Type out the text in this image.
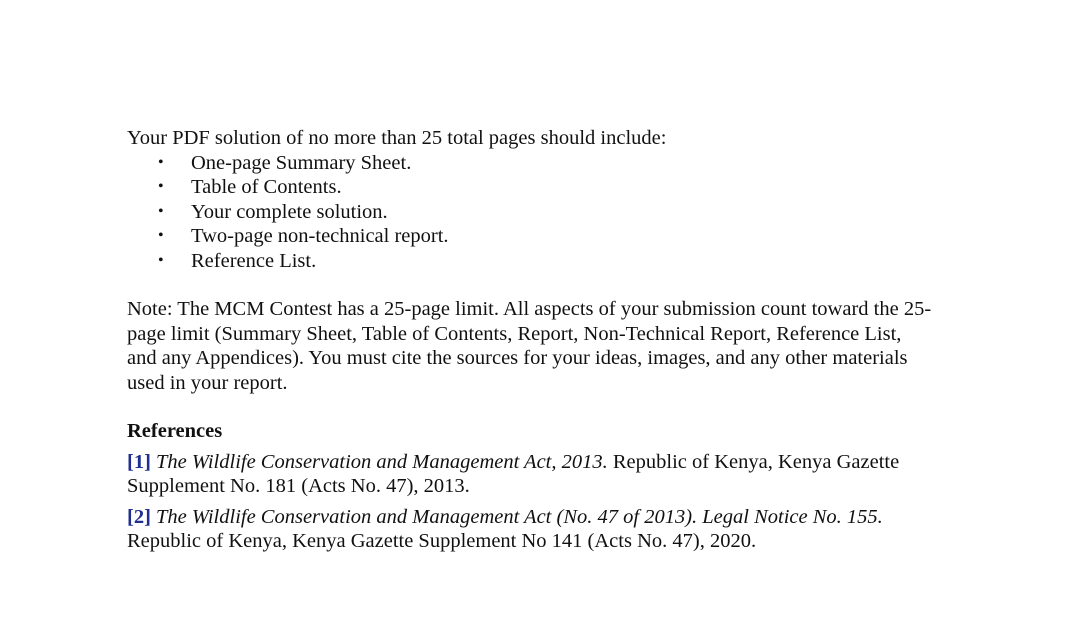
Your PDF solution of no more than 25 total pages should include:

• One-page Summary Sheet.
• Table of Contents.
• Your complete solution.
• Two-page non-technical report.
• Reference List.

Note: The MCM Contest has a 25-page limit. All aspects of your submission count toward the 25-page limit (Summary Sheet, Table of Contents, Report, Non-Technical Report, Reference List, and any Appendices). You must cite the sources for your ideas, images, and any other materials used in your report.

References

[1] The Wildlife Conservation and Management Act, 2013. Republic of Kenya, Kenya Gazette Supplement No. 181 (Acts No. 47), 2013.

[2] The Wildlife Conservation and Management Act (No. 47 of 2013). Legal Notice No. 155. Republic of Kenya, Kenya Gazette Supplement No 141 (Acts No. 47), 2020.
